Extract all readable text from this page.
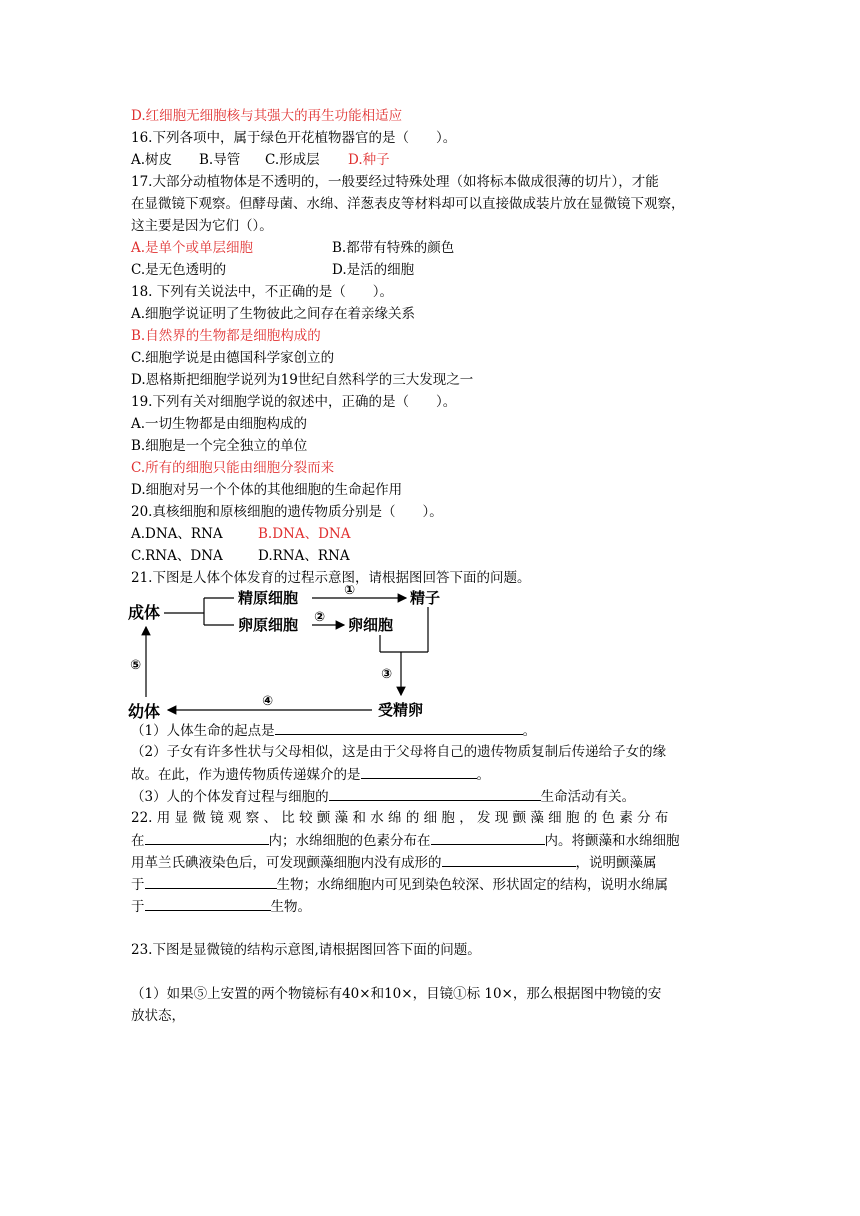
D.红细胞无细胞核与其强大的再生功能相适应
16.下列各项中，属于绿色开花植物器官的是（　　）。
A.树皮 B.导管 C.形成层 D.种子
17.大部分动植物体是不透明的，一般要经过特殊处理（如将标本做成很薄的切片），才能
在显微镜下观察。但酵母菌、水绵、洋葱表皮等材料却可以直接做成装片放在显微镜下观察，
这主要是因为它们（）。
A.是单个或单层细胞	B.都带有特殊的颜色
C.是无色透明的	D.是活的细胞
18. 下列有关说法中，不正确的是（　　）。
A.细胞学说证明了生物彼此之间存在着亲缘关系
B.自然界的生物都是细胞构成的
C.细胞学说是由德国科学家创立的
D.恩格斯把细胞学说列为19世纪自然科学的三大发现之一
19.下列有关对细胞学说的叙述中，正确的是（　　）。
A.一切生物都是由细胞构成的
B.细胞是一个完全独立的单位
C.所有的细胞只能由细胞分裂而来
D.细胞对另一个个体的其他细胞的生命起作用
20.真核细胞和原核细胞的遗传物质分别是（　　）。
A.DNA、RNA	B.DNA、DNA
C.RNA、DNA	D.RNA、RNA
21.下图是人体个体发育的过程示意图，请根据图回答下面的问题。
成体
精原细胞
卵原细胞
①	精子
② 卵细胞
③
受精卵
④
幼体
⑤
（1）人体生命的起点是	。
（2）子女有许多性状与父母相似，这是由于父母将自己的遗传物质复制后传递给子女的缘
故。在此，作为遗传物质传递媒介的是	。
（3）人的个体发育过程与细胞的	生命活动有关。
22. 用 显 微 镜 观 察 、 比 较 颤 藻 和 水 绵 的 细 胞 ， 发 现 颤 藻 细 胞 的 色 素 分 布
在	内；水绵细胞的色素分布在	内。将颤藻和水绵细胞
用革兰氏碘液染色后，可发现颤藻细胞内没有成形的	，说明颤藻属
于	生物；水绵细胞内可见到染色较深、形状固定的结构，说明水绵属
于	生物。
23.下图是显微镜的结构示意图,请根据图回答下面的问题。
（1）如果⑤上安置的两个物镜标有40×和10×，目镜①标 10×，那么根据图中物镜的安
放状态，
